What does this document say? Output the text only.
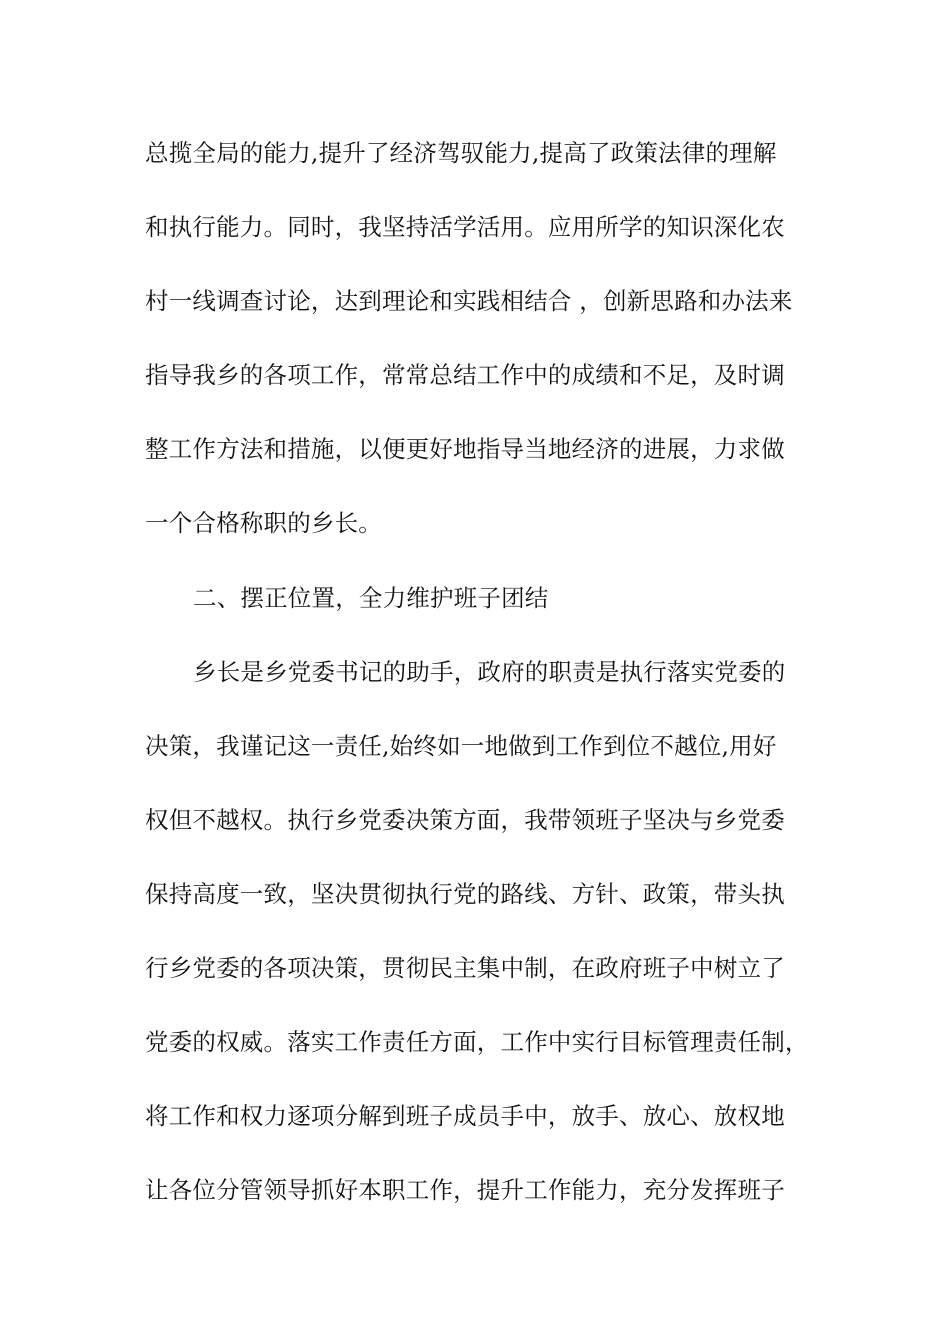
总揽全局的能力,提升了经济驾驭能力,提高了政策法律的理解
和执行能力。同时，我坚持活学活用。应用所学的知识深化农
村一线调查讨论，达到理论和实践相结合 ，创新思路和办法来
指导我乡的各项工作，常常总结工作中的成绩和不足，及时调
整工作方法和措施，以便更好地指导当地经济的进展，力求做
一个合格称职的乡长。
二、摆正位置，全力维护班子团结
乡长是乡党委书记的助手，政府的职责是执行落实党委的
决策，我谨记这一责任,始终如一地做到工作到位不越位,用好
权但不越权。执行乡党委决策方面，我带领班子坚决与乡党委
保持高度一致，坚决贯彻执行党的路线、方针、政策，带头执
行乡党委的各项决策，贯彻民主集中制，在政府班子中树立了
党委的权威。落实工作责任方面，工作中实行目标管理责任制，
将工作和权力逐项分解到班子成员手中，放手、放心、放权地
让各位分管领导抓好本职工作，提升工作能力，充分发挥班子
